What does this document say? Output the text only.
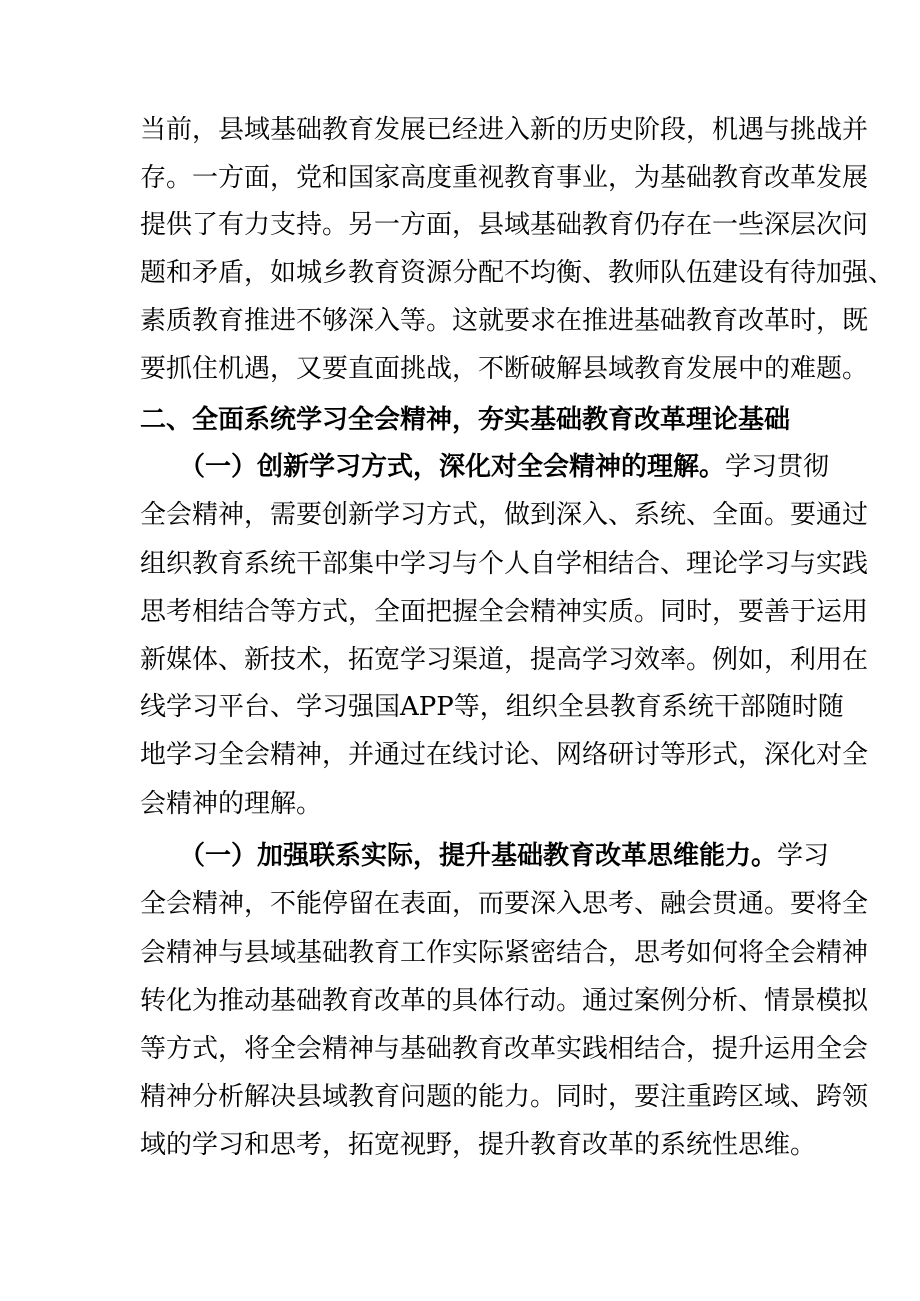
当前，县域基础教育发展已经进入新的历史阶段，机遇与挑战并
存。一方面，党和国家高度重视教育事业，为基础教育改革发展
提供了有力支持。另一方面，县域基础教育仍存在一些深层次问
题和矛盾，如城乡教育资源分配不均衡、教师队伍建设有待加强、
素质教育推进不够深入等。这就要求在推进基础教育改革时，既
要抓住机遇，又要直面挑战，不断破解县域教育发展中的难题。
二、全面系统学习全会精神，夯实基础教育改革理论基础
　　（一）创新学习方式，深化对全会精神的理解。学习贯彻
全会精神，需要创新学习方式，做到深入、系统、全面。要通过
组织教育系统干部集中学习与个人自学相结合、理论学习与实践
思考相结合等方式，全面把握全会精神实质。同时，要善于运用
新媒体、新技术，拓宽学习渠道，提高学习效率。例如，利用在
线学习平台、学习强国APP等，组织全县教育系统干部随时随
地学习全会精神，并通过在线讨论、网络研讨等形式，深化对全
会精神的理解。
　　（一）加强联系实际，提升基础教育改革思维能力。学习
全会精神，不能停留在表面，而要深入思考、融会贯通。要将全
会精神与县域基础教育工作实际紧密结合，思考如何将全会精神
转化为推动基础教育改革的具体行动。通过案例分析、情景模拟
等方式，将全会精神与基础教育改革实践相结合，提升运用全会
精神分析解决县域教育问题的能力。同时，要注重跨区域、跨领
域的学习和思考，拓宽视野，提升教育改革的系统性思维。
